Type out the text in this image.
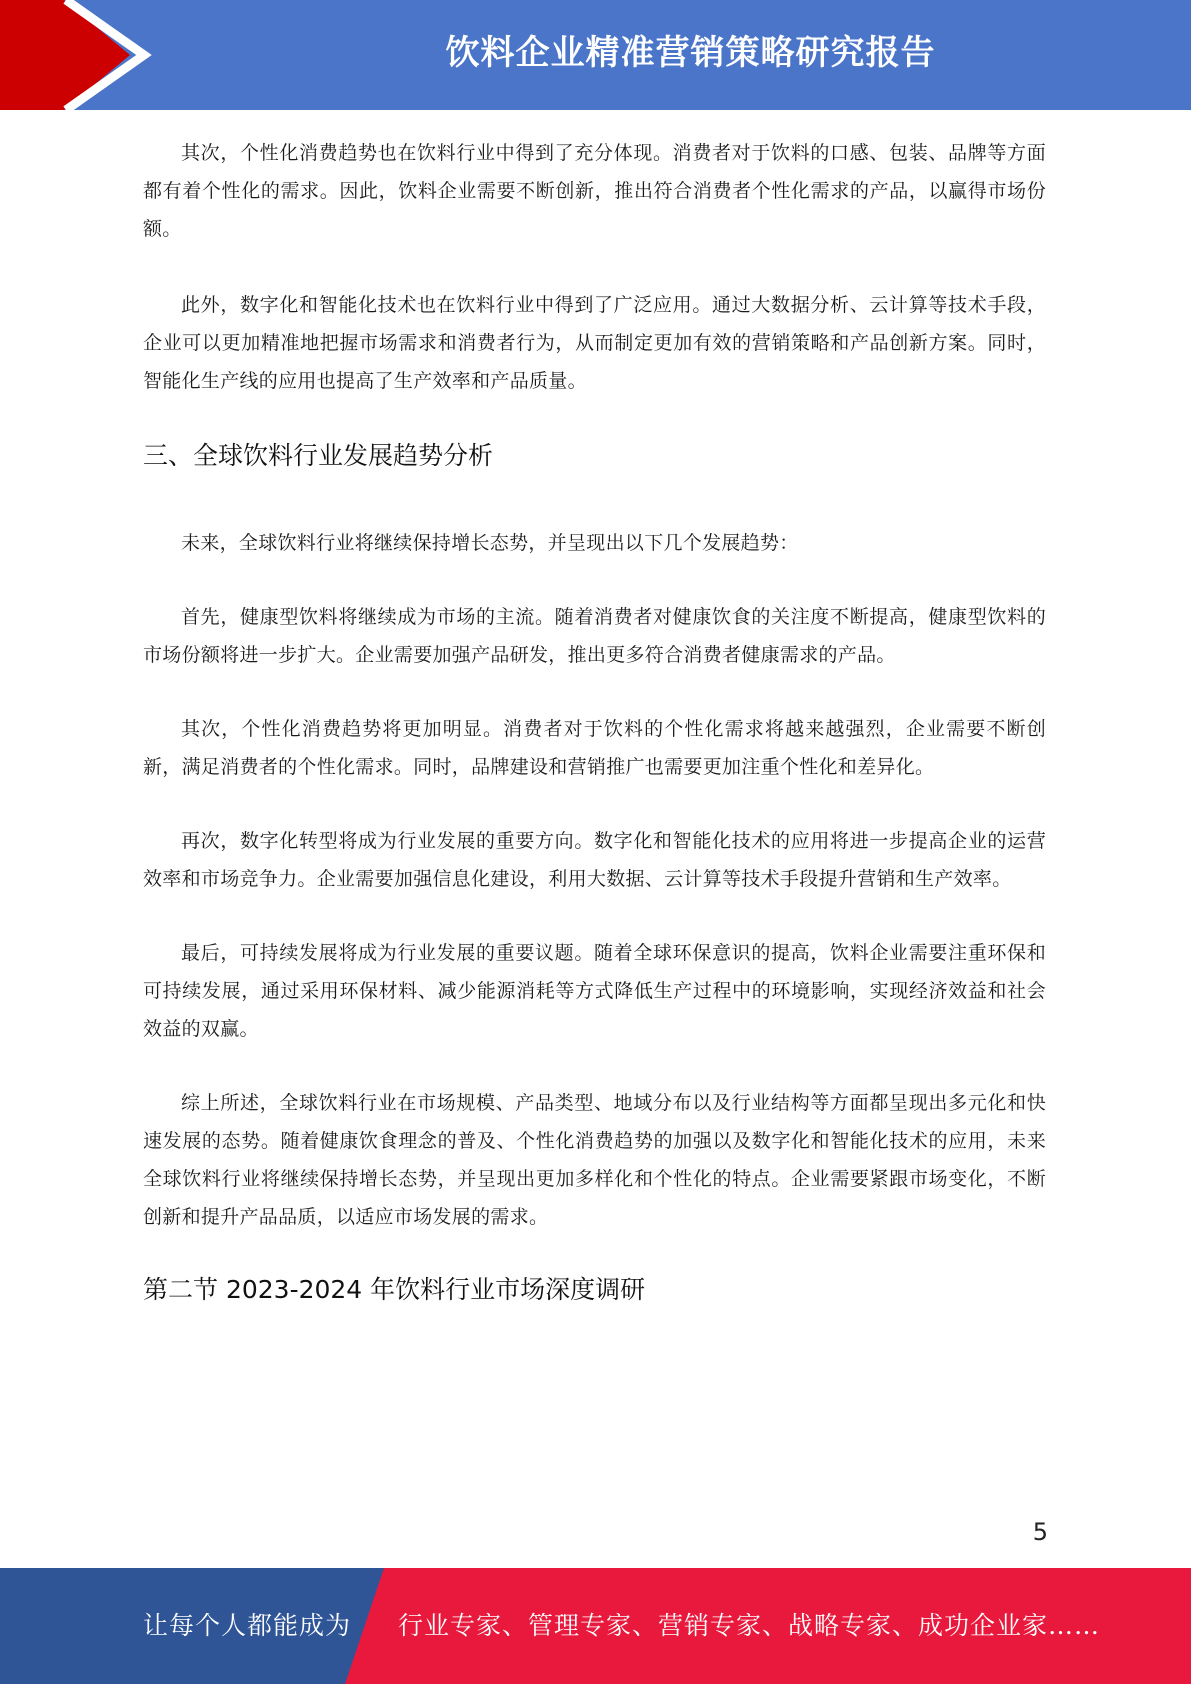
饮料企业精准营销策略研究报告

其次，个性化消费趋势也在饮料行业中得到了充分体现。消费者对于饮料的口感、包装、品牌等方面都有着个性化的需求。因此，饮料企业需要不断创新，推出符合消费者个性化需求的产品，以赢得市场份额。

此外，数字化和智能化技术也在饮料行业中得到了广泛应用。通过大数据分析、云计算等技术手段，企业可以更加精准地把握市场需求和消费者行为，从而制定更加有效的营销策略和产品创新方案。同时，智能化生产线的应用也提高了生产效率和产品质量。

三、全球饮料行业发展趋势分析

未来，全球饮料行业将继续保持增长态势，并呈现出以下几个发展趋势：

首先，健康型饮料将继续成为市场的主流。随着消费者对健康饮食的关注度不断提高，健康型饮料的市场份额将进一步扩大。企业需要加强产品研发，推出更多符合消费者健康需求的产品。

其次，个性化消费趋势将更加明显。消费者对于饮料的个性化需求将越来越强烈，企业需要不断创新，满足消费者的个性化需求。同时，品牌建设和营销推广也需要更加注重个性化和差异化。

再次，数字化转型将成为行业发展的重要方向。数字化和智能化技术的应用将进一步提高企业的运营效率和市场竞争力。企业需要加强信息化建设，利用大数据、云计算等技术手段提升营销和生产效率。

最后，可持续发展将成为行业发展的重要议题。随着全球环保意识的提高，饮料企业需要注重环保和可持续发展，通过采用环保材料、减少能源消耗等方式降低生产过程中的环境影响，实现经济效益和社会效益的双赢。

综上所述，全球饮料行业在市场规模、产品类型、地域分布以及行业结构等方面都呈现出多元化和快速发展的态势。随着健康饮食理念的普及、个性化消费趋势的加强以及数字化和智能化技术的应用，未来全球饮料行业将继续保持增长态势，并呈现出更加多样化和个性化的特点。企业需要紧跟市场变化，不断创新和提升产品品质，以适应市场发展的需求。

第二节 2023-2024 年饮料行业市场深度调研
5
让每个人都能成为 行业专家、管理专家、营销专家、战略专家、成功企业家……
